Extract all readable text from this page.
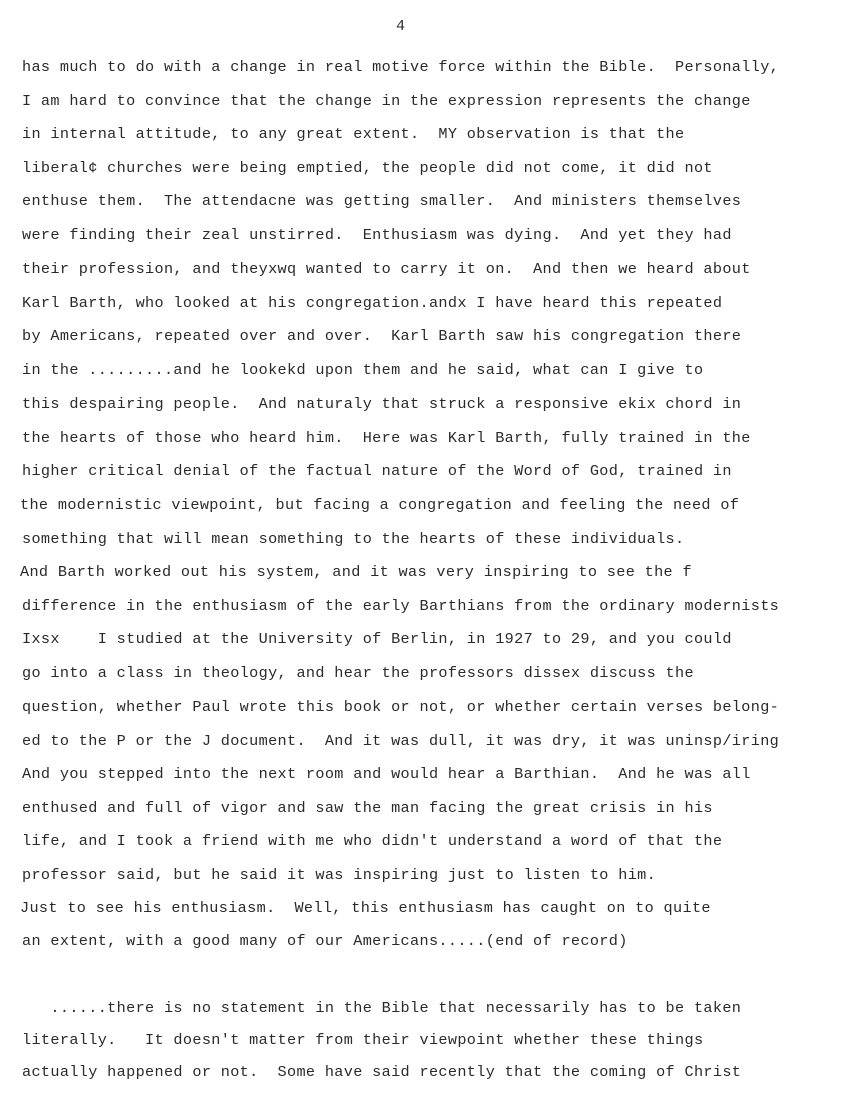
4
has much to do with a change in real motive force within the Bible.  Personally,
I am hard to convince that the change in the expression represents the change
in internal attitude, to any great extent.  MY observation is that the
liberal¢ churches were being emptied, the people did not come, it did not
enthuse them.  The attendacne was getting smaller.  And ministers themselves
were finding their zeal unstirred.  Enthusiasm was dying.  And yet they had
their profession, and theyxwq wanted to carry it on.  And then we heard about
Karl Barth, who looked at his congregation.andx I have heard this repeated
by Americans, repeated over and over.  Karl Barth saw his congregation there
in the .........and he lookekd upon them and he said, what can I give to
this despairing people.  And naturaly that struck a responsive ekix chord in
the hearts of those who heard him.  Here was Karl Barth, fully trained in the
higher critical denial of the factual nature of the Word of God, trained in
the modernistic viewpoint, but facing a congregation and feeling the need of
something that will mean something to the hearts of these individuals.
And Barth worked out his system, and it was very inspiring to see the f
difference in the enthusiasm of the early Barthians from the ordinary modernists
Ixsx    I studied at the University of Berlin, in 1927 to 29, and you could
go into a class in theology, and hear the professors dissex discuss the
question, whether Paul wrote this book or not, or whether certain verses belong-
ed to the P or the J document.  And it was dull, it was dry, it was uninsp/iring
And you stepped into the next room and would hear a Barthian.  And he was all
enthused and full of vigor and saw the man facing the great crisis in his
life, and I took a friend with me who didn't understand a word of that the
professor said, but he said it was inspiring just to listen to him.
Just to see his enthusiasm.  Well, this enthusiasm has caught on to quite
an extent, with a good many of our Americans.....(end of record)
......there is no statement in the Bible that necessarily has to be taken
literally.   It doesn't matter from their viewpoint whether these things
actually happened or not.  Some have said recently that the coming of Christ
